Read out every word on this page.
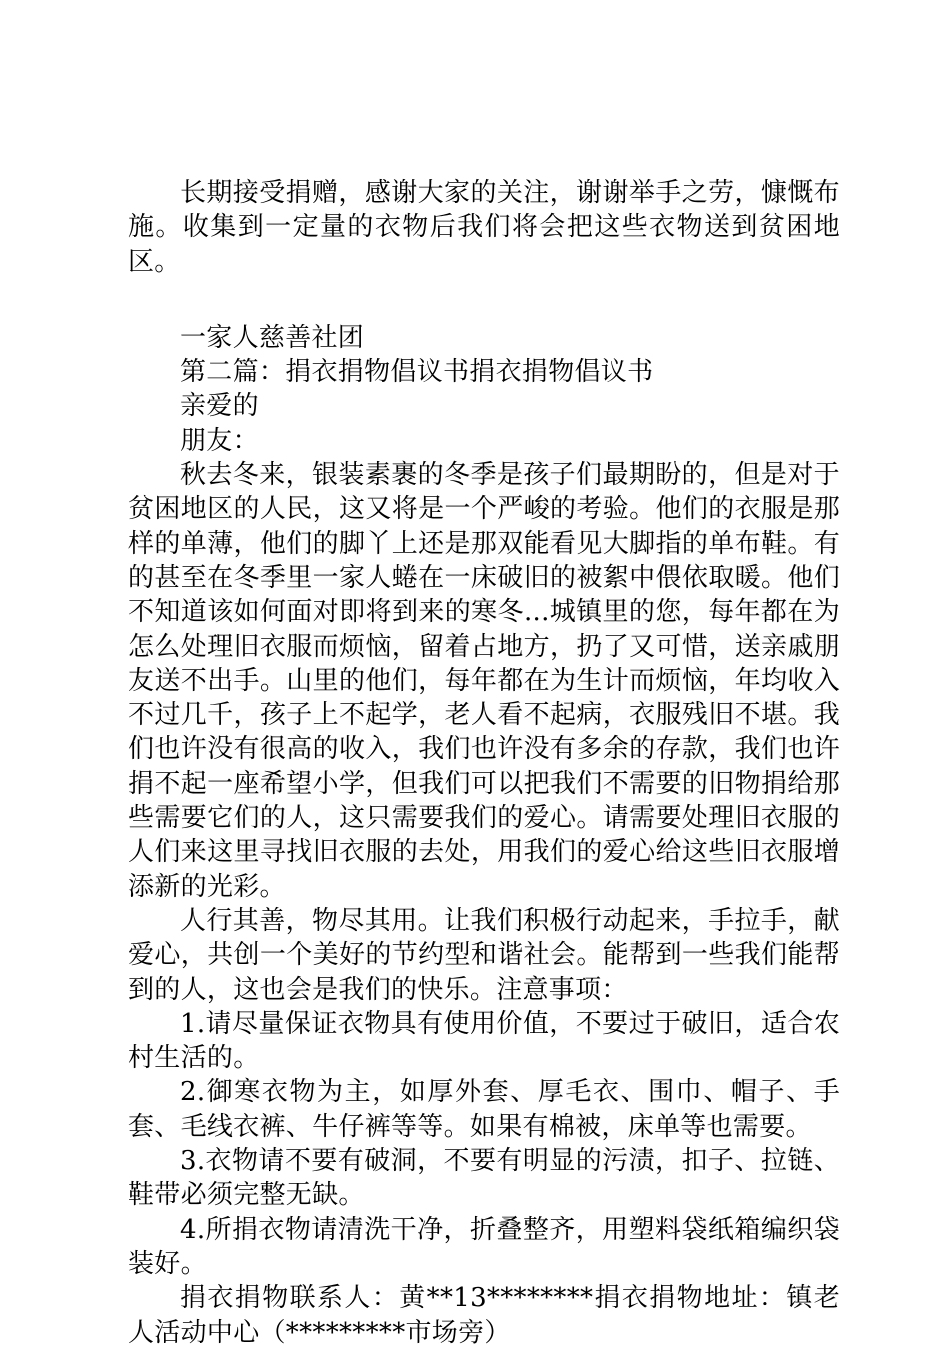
长期接受捐赠，感谢大家的关注，谢谢举手之劳，慷慨布施。收集到一定量的衣物后我们将会把这些衣物送到贫困地区。

一家人慈善社团

第二篇：捐衣捐物倡议书捐衣捐物倡议书

亲爱的

朋友：

秋去冬来，银装素裹的冬季是孩子们最期盼的，但是对于贫困地区的人民，这又将是一个严峻的考验。他们的衣服是那样的单薄，他们的脚丫上还是那双能看见大脚指的单布鞋。有的甚至在冬季里一家人蜷在一床破旧的被絮中偎依取暖。他们不知道该如何面对即将到来的寒冬...城镇里的您，每年都在为怎么处理旧衣服而烦恼，留着占地方，扔了又可惜，送亲戚朋友送不出手。山里的他们，每年都在为生计而烦恼，年均收入不过几千，孩子上不起学，老人看不起病，衣服残旧不堪。我们也许没有很高的收入，我们也许没有多余的存款，我们也许捐不起一座希望小学，但我们可以把我们不需要的旧物捐给那些需要它们的人，这只需要我们的爱心。请需要处理旧衣服的人们来这里寻找旧衣服的去处，用我们的爱心给这些旧衣服增添新的光彩。

人行其善，物尽其用。让我们积极行动起来，手拉手，献爱心，共创一个美好的节约型和谐社会。能帮到一些我们能帮到的人，这也会是我们的快乐。注意事项：

1.请尽量保证衣物具有使用价值，不要过于破旧，适合农村生活的。

2.御寒衣物为主，如厚外套、厚毛衣、围巾、帽子、手套、毛线衣裤、牛仔裤等等。如果有棉被，床单等也需要。

3.衣物请不要有破洞，不要有明显的污渍，扣子、拉链、鞋带必须完整无缺。

4.所捐衣物请清洗干净，折叠整齐，用塑料袋纸箱编织袋装好。

捐衣捐物联系人：黄**13********捐衣捐物地址：镇老人活动中心（*********市场旁）
